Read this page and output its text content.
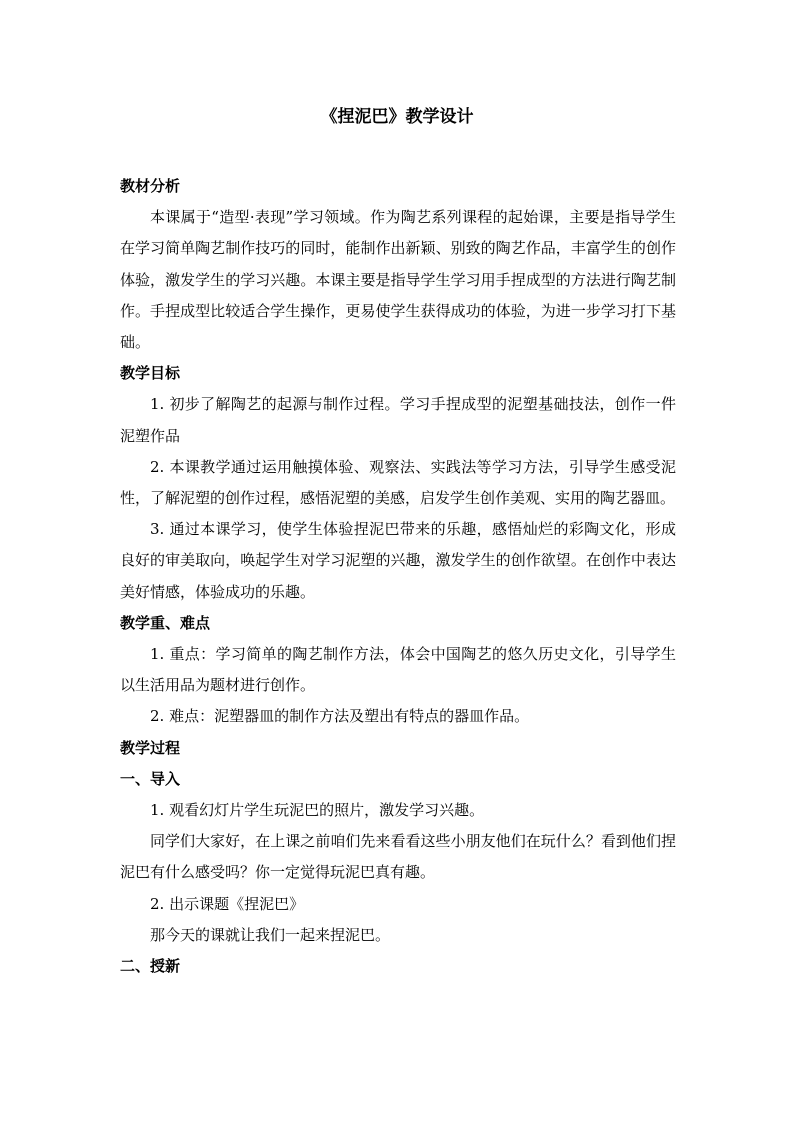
《捏泥巴》教学设计

教材分析

本课属于“造型·表现”学习领域。作为陶艺系列课程的起始课，主要是指导学生在学习简单陶艺制作技巧的同时，能制作出新颖、别致的陶艺作品，丰富学生的创作体验，激发学生的学习兴趣。本课主要是指导学生学习用手捏成型的方法进行陶艺制作。手捏成型比较适合学生操作，更易使学生获得成功的体验，为进一步学习打下基础。

教学目标

1. 初步了解陶艺的起源与制作过程。学习手捏成型的泥塑基础技法，创作一件泥塑作品

2. 本课教学通过运用触摸体验、观察法、实践法等学习方法，引导学生感受泥性，了解泥塑的创作过程，感悟泥塑的美感，启发学生创作美观、实用的陶艺器皿。

3. 通过本课学习，使学生体验捏泥巴带来的乐趣，感悟灿烂的彩陶文化，形成良好的审美取向，唤起学生对学习泥塑的兴趣，激发学生的创作欲望。在创作中表达美好情感，体验成功的乐趣。

教学重、难点

1. 重点：学习简单的陶艺制作方法，体会中国陶艺的悠久历史文化，引导学生以生活用品为题材进行创作。

2. 难点：泥塑器皿的制作方法及塑出有特点的器皿作品。

教学过程

一、导入

1. 观看幻灯片学生玩泥巴的照片，激发学习兴趣。

同学们大家好，在上课之前咱们先来看看这些小朋友他们在玩什么？看到他们捏泥巴有什么感受吗？你一定觉得玩泥巴真有趣。

2. 出示课题《捏泥巴》

那今天的课就让我们一起来捏泥巴。

二、授新
